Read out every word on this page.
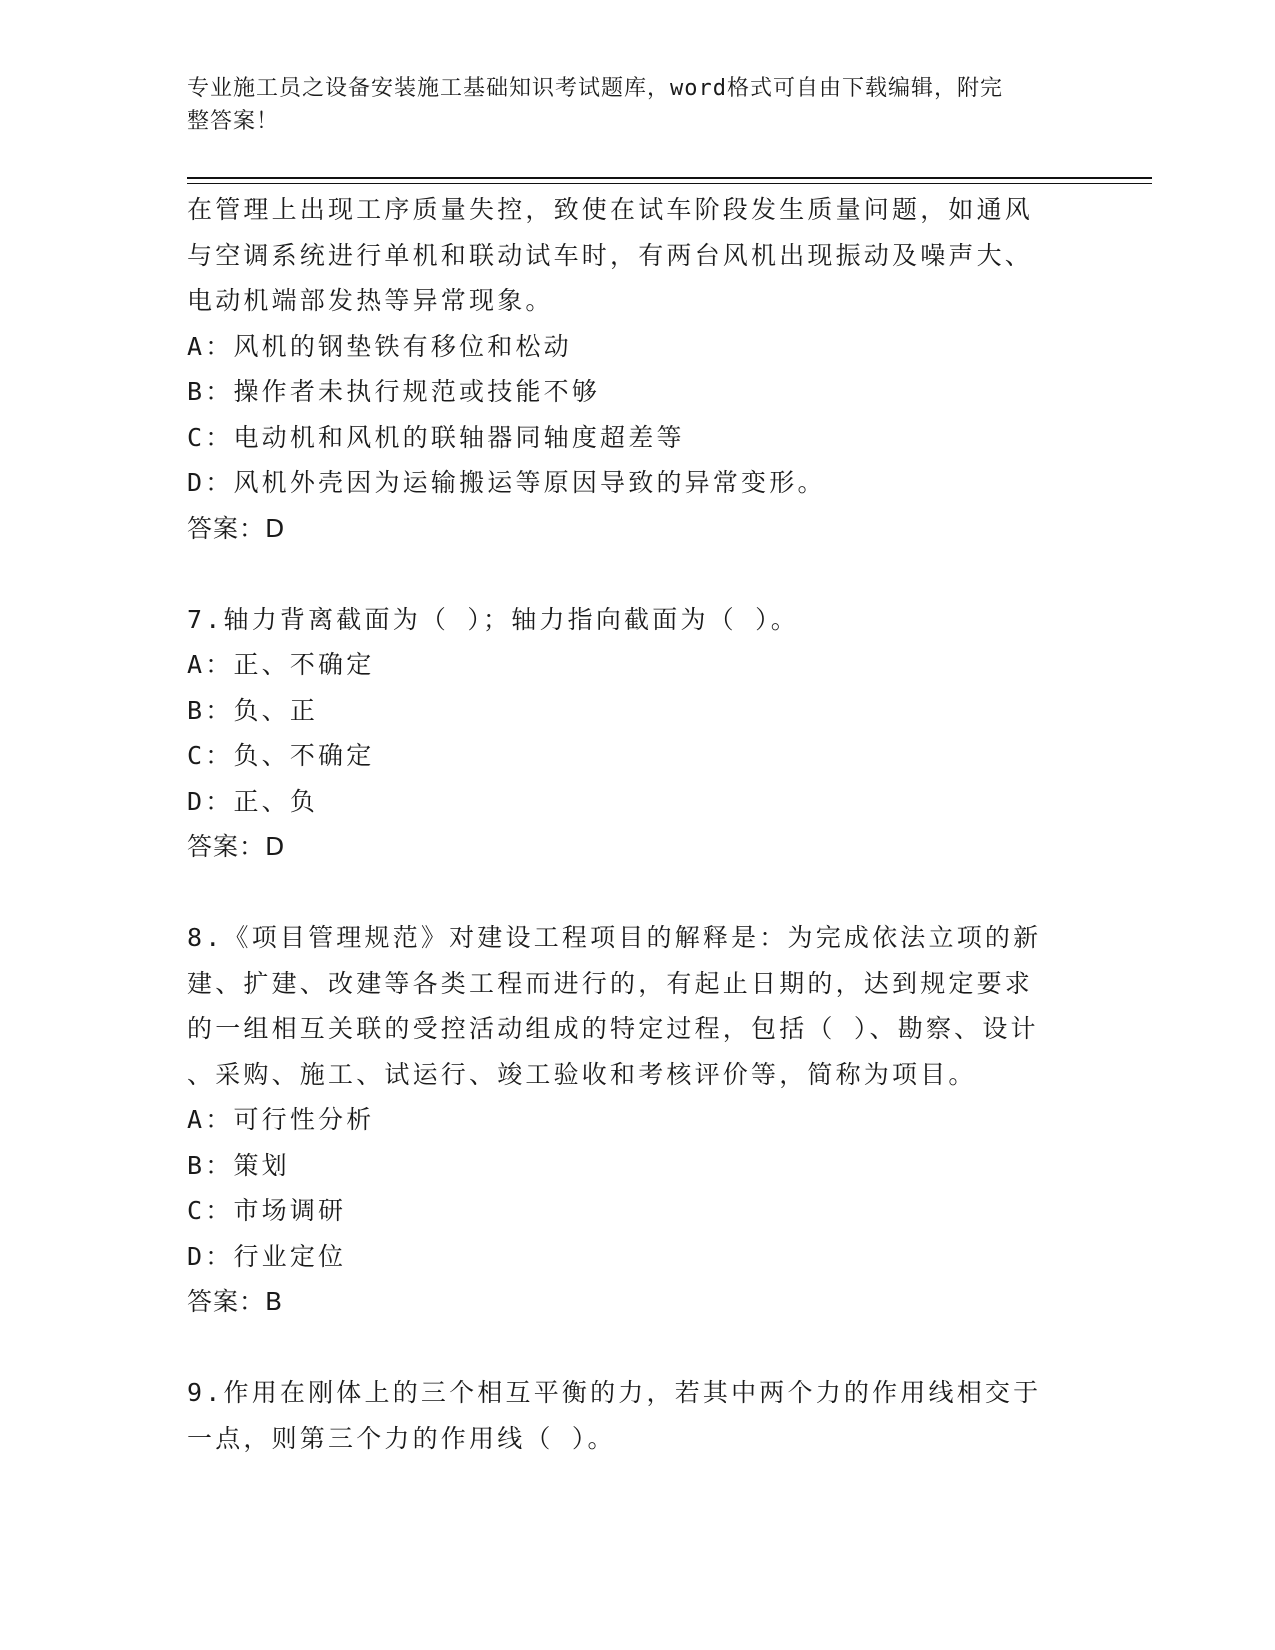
专业施工员之设备安装施工基础知识考试题库，word格式可自由下载编辑，附完
整答案！
在管理上出现工序质量失控，致使在试车阶段发生质量问题，如通风
与空调系统进行单机和联动试车时，有两台风机出现振动及噪声大、
电动机端部发热等异常现象。
A：风机的钢垫铁有移位和松动
B：操作者未执行规范或技能不够
C：电动机和风机的联轴器同轴度超差等
D：风机外壳因为运输搬运等原因导致的异常变形。
答案：D
7.轴力背离截面为（ ）；轴力指向截面为（ ）。
A：正、不确定
B：负、正
C：负、不确定
D：正、负
答案：D
8.《项目管理规范》对建设工程项目的解释是：为完成依法立项的新
建、扩建、改建等各类工程而进行的，有起止日期的，达到规定要求
的一组相互关联的受控活动组成的特定过程，包括（ ）、勘察、设计
、采购、施工、试运行、竣工验收和考核评价等，简称为项目。
A：可行性分析
B：策划
C：市场调研
D：行业定位
答案：B
9.作用在刚体上的三个相互平衡的力，若其中两个力的作用线相交于
一点，则第三个力的作用线（ ）。
